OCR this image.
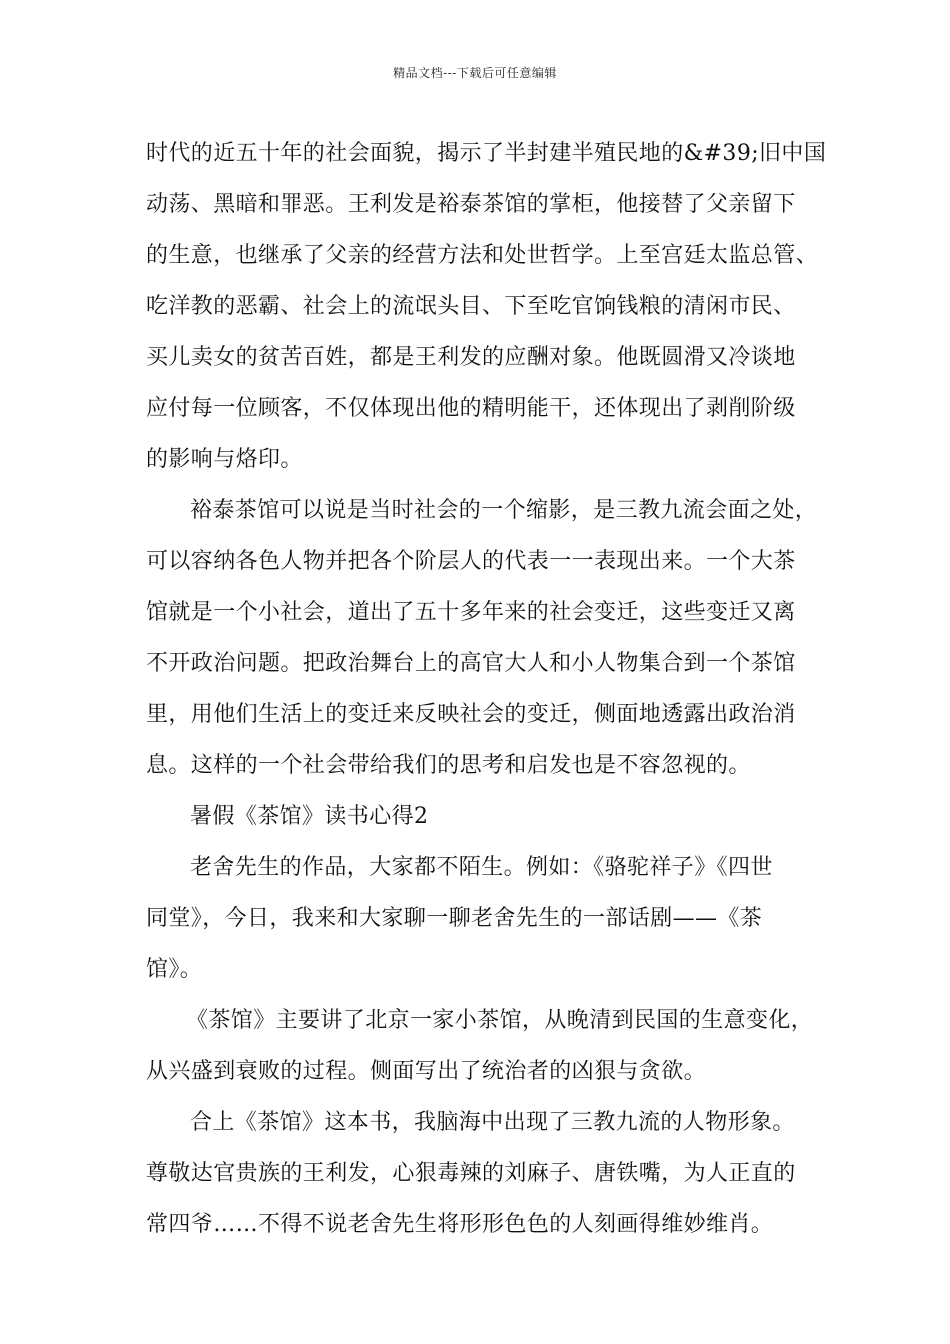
精品文档---下载后可任意编辑
时代的近五十年的社会面貌，揭示了半封建半殖民地的&#39;旧中国
动荡、黑暗和罪恶。王利发是裕泰茶馆的掌柜，他接替了父亲留下
的生意，也继承了父亲的经营方法和处世哲学。上至宫廷太监总管、
吃洋教的恶霸、社会上的流氓头目、下至吃官饷钱粮的清闲市民、
买儿卖女的贫苦百姓，都是王利发的应酬对象。他既圆滑又冷谈地
应付每一位顾客，不仅体现出他的精明能干，还体现出了剥削阶级
的影响与烙印。
裕泰茶馆可以说是当时社会的一个缩影，是三教九流会面之处，
可以容纳各色人物并把各个阶层人的代表一一表现出来。一个大茶
馆就是一个小社会，道出了五十多年来的社会变迁，这些变迁又离
不开政治问题。把政治舞台上的高官大人和小人物集合到一个茶馆
里，用他们生活上的变迁来反映社会的变迁，侧面地透露出政治消
息。这样的一个社会带给我们的思考和启发也是不容忽视的。
暑假《茶馆》读书心得2
老舍先生的作品，大家都不陌生。例如：《骆驼祥子》《四世
同堂》，今日，我来和大家聊一聊老舍先生的一部话剧——《茶
馆》。
《茶馆》主要讲了北京一家小茶馆，从晚清到民国的生意变化，
从兴盛到衰败的过程。侧面写出了统治者的凶狠与贪欲。
合上《茶馆》这本书，我脑海中出现了三教九流的人物形象。
尊敬达官贵族的王利发，心狠毒辣的刘麻子、唐铁嘴，为人正直的
常四爷……不得不说老舍先生将形形色色的人刻画得维妙维肖。
